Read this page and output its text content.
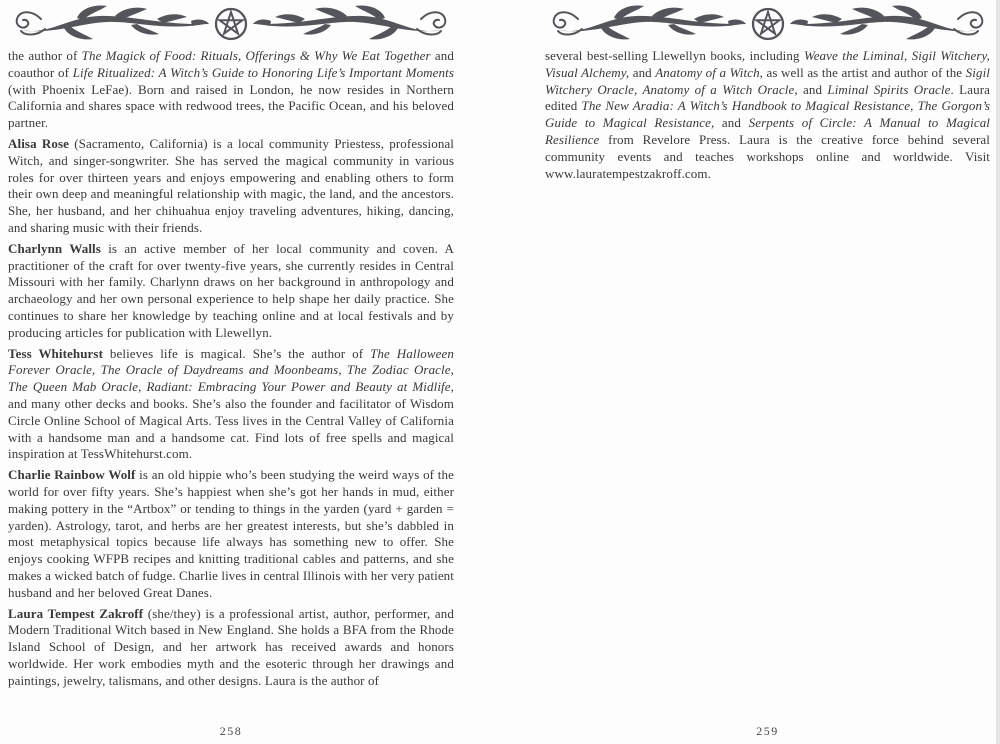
the author of The Magick of Food: Rituals, Offerings & Why We Eat Together and coauthor of Life Ritualized: A Witch’s Guide to Honoring Life’s Important Moments (with Phoenix LeFae). Born and raised in London, he now resides in Northern California and shares space with redwood trees, the Pacific Ocean, and his beloved partner.

Alisa Rose (Sacramento, California) is a local community Priestess, professional Witch, and singer-songwriter. She has served the magical community in various roles for over thirteen years and enjoys empowering and enabling others to form their own deep and meaningful relationship with magic, the land, and the ancestors. She, her husband, and her chihuahua enjoy traveling adventures, hiking, dancing, and sharing music with their friends.

Charlynn Walls is an active member of her local community and coven. A practitioner of the craft for over twenty-five years, she currently resides in Central Missouri with her family. Charlynn draws on her background in anthropology and archaeology and her own personal experience to help shape her daily practice. She continues to share her knowledge by teaching online and at local festivals and by producing articles for publication with Llewellyn.

Tess Whitehurst believes life is magical. She’s the author of The Halloween Forever Oracle, The Oracle of Daydreams and Moonbeams, The Zodiac Oracle, The Queen Mab Oracle, Radiant: Embracing Your Power and Beauty at Midlife, and many other decks and books. She’s also the founder and facilitator of Wisdom Circle Online School of Magical Arts. Tess lives in the Central Valley of California with a handsome man and a handsome cat. Find lots of free spells and magical inspiration at TessWhitehurst.com.

Charlie Rainbow Wolf is an old hippie who’s been studying the weird ways of the world for over fifty years. She’s happiest when she’s got her hands in mud, either making pottery in the “Artbox” or tending to things in the yarden (yard + garden = yarden). Astrology, tarot, and herbs are her greatest interests, but she’s dabbled in most metaphysical topics because life always has something new to offer. She enjoys cooking WFPB recipes and knitting traditional cables and patterns, and she makes a wicked batch of fudge. Charlie lives in central Illinois with her very patient husband and her beloved Great Danes.

Laura Tempest Zakroff (she/they) is a professional artist, author, performer, and Modern Traditional Witch based in New England. She holds a BFA from the Rhode Island School of Design, and her artwork has received awards and honors worldwide. Her work embodies myth and the esoteric through her drawings and paintings, jewelry, talismans, and other designs. Laura is the author of

258

several best-selling Llewellyn books, including Weave the Liminal, Sigil Witchery, Visual Alchemy, and Anatomy of a Witch, as well as the artist and author of the Sigil Witchery Oracle, Anatomy of a Witch Oracle, and Liminal Spirits Oracle. Laura edited The New Aradia: A Witch’s Handbook to Magical Resistance, The Gorgon’s Guide to Magical Resistance, and Serpents of Circle: A Manual to Magical Resilience from Revelore Press. Laura is the creative force behind several community events and teaches workshops online and worldwide. Visit www.lauratempestzakroff.com.

259
